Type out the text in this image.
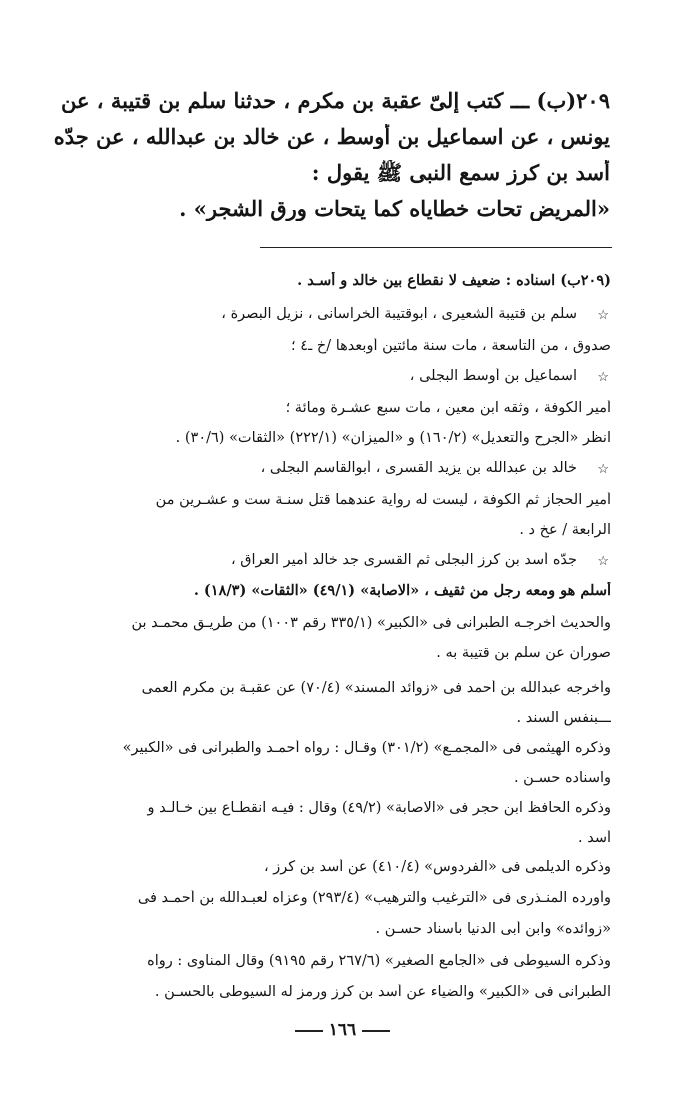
٢٠٩(ب) ـــ كتب إلىّ عقبة بن مكرم ، حدثنا سلم بن قتيبة ، عن
يونس ، عن اسماعيل بن أوسط ، عن خالد بن عبدالله ، عن جدّه
أسد بن كرز سمع النبى ﷺ يقول :
«المريض تحات خطاياه كما يتحات ورق الشجر» .
(٢٠٩ب) اسناده : ضعيف لا نقطاع بين خالد و أسـد .
☆
سلم بن قتيبة الشعيرى ، ابوقتيبة الخراسانى ، نزيل البصرة ،
صدوق ، من التاسعة ، مات سنة مائتين أوبعدها /خ ـ٤ ؛
☆
اسماعيل بن أوسط البجلى ،
أمير الكوفة ، وثقه ابن معين ، مات سبع عشـرة ومائة ؛
انظر «الجرح والتعديل» (١٦٠/٢) و «الميزان» (٢٢٢/١) «الثقات» (٣٠/٦) .
☆
خالد بن عبدالله بن يزيد القسرى ، أبوالقاسم البجلى ،
أمير الحجاز ثم الكوفة ، ليست له رواية عندهما قتل سنـة ست و عشـرين من
الرابعة / عخ د .
☆
جدّه أسد بن كرز البجلى ثم القسرى جد خالد أمير العراق ،
أسلم هو ومعه رجل من ثقيف ، «الاصابة» (٤٩/١) «الثقات» (١٨/٣) .
والحديث أخرجـه الطبرانى فى «الكبير» (٣٣٥/١ رقم ١٠٠٣) من طريـق محمـد بن
صوران عن سلم بن قتيبة به .
وأخرجه عبدالله بن أحمد فى «زوائد المسند» (٧٠/٤) عن عقبـة بن مكرم العمى
ـــبنفس السند .
وذكره الهيثمى فى «المجمـع» (٣٠١/٢) وقـال : رواه أحمـد والطبرانى فى «الكبير»
واسناده حسـن .
وذكره الحافظ ابن حجر فى «الاصابة» (٤٩/٢) وقال : فيـه انقطـاع بين خـالـد و
أسد .
وذكره الديلمى فى «الفردوس» (٤١٠/٤) عن أسد بن كرز ،
وأورده المنـذرى فى «الترغيب والترهيب» (٢٩٣/٤) وعزاه لعبـدالله بن أحمـد فى
«زوائده» وابن أبى الدنيا باسناد حسـن .
وذكره السيوطى فى «الجامع الصغير» (٢٦٧/٦ رقم ٩١٩٥) وقال المناوى : رواه
الطبرانى فى «الكبير» والضياء عن أسد بن كرز ورمز له السيوطى بالحسـن .
١٦٦
